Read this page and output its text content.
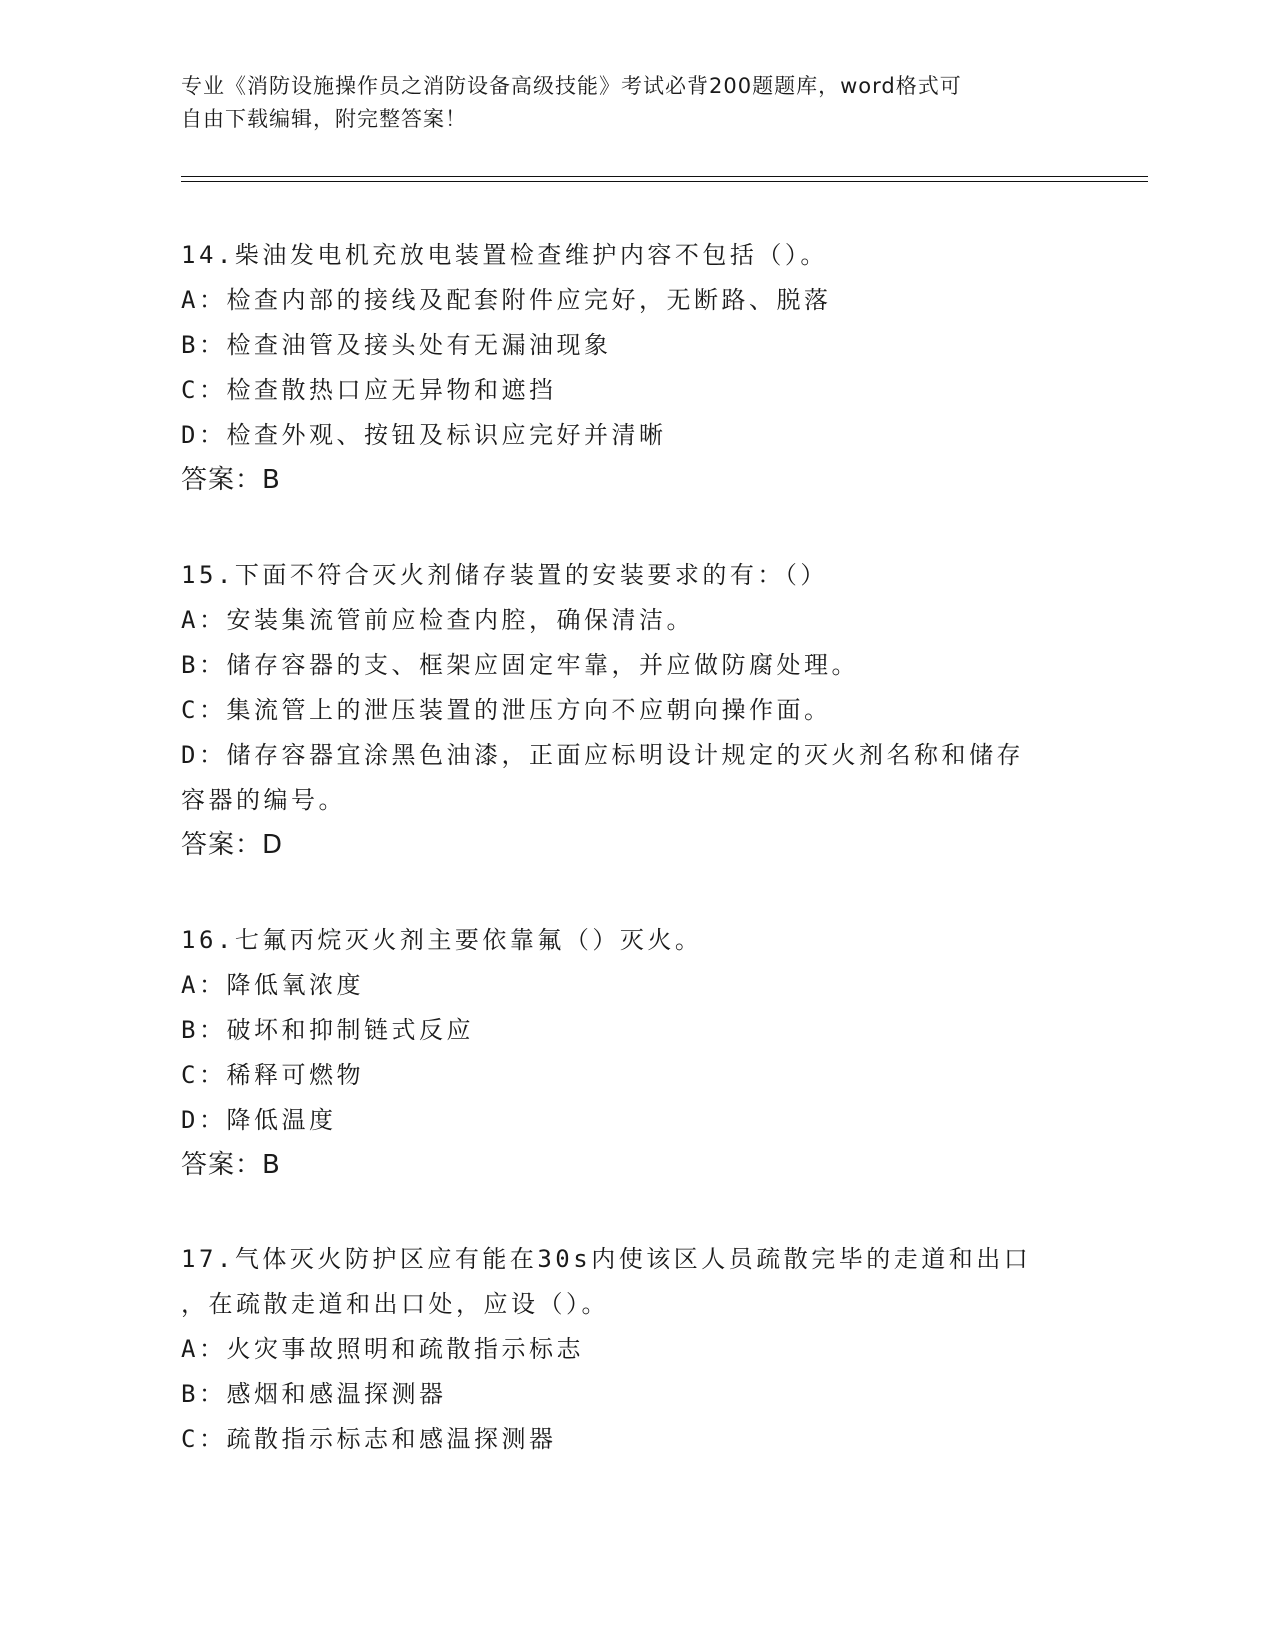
专业《消防设施操作员之消防设备高级技能》考试必背200题题库，word格式可
自由下载编辑，附完整答案！
14.柴油发电机充放电装置检查维护内容不包括（）。
A：检查内部的接线及配套附件应完好，无断路、脱落
B：检查油管及接头处有无漏油现象
C：检查散热口应无异物和遮挡
D：检查外观、按钮及标识应完好并清晰
答案：B
15.下面不符合灭火剂储存装置的安装要求的有：（）
A：安装集流管前应检查内腔，确保清洁。
B：储存容器的支、框架应固定牢靠，并应做防腐处理。
C：集流管上的泄压装置的泄压方向不应朝向操作面。
D：储存容器宜涂黑色油漆，正面应标明设计规定的灭火剂名称和储存
容器的编号。
答案：D
16.七氟丙烷灭火剂主要依靠氟（）灭火。
A：降低氧浓度
B：破坏和抑制链式反应
C：稀释可燃物
D：降低温度
答案：B
17.气体灭火防护区应有能在30s内使该区人员疏散完毕的走道和出口
，在疏散走道和出口处，应设（）。
A：火灾事故照明和疏散指示标志
B：感烟和感温探测器
C：疏散指示标志和感温探测器
